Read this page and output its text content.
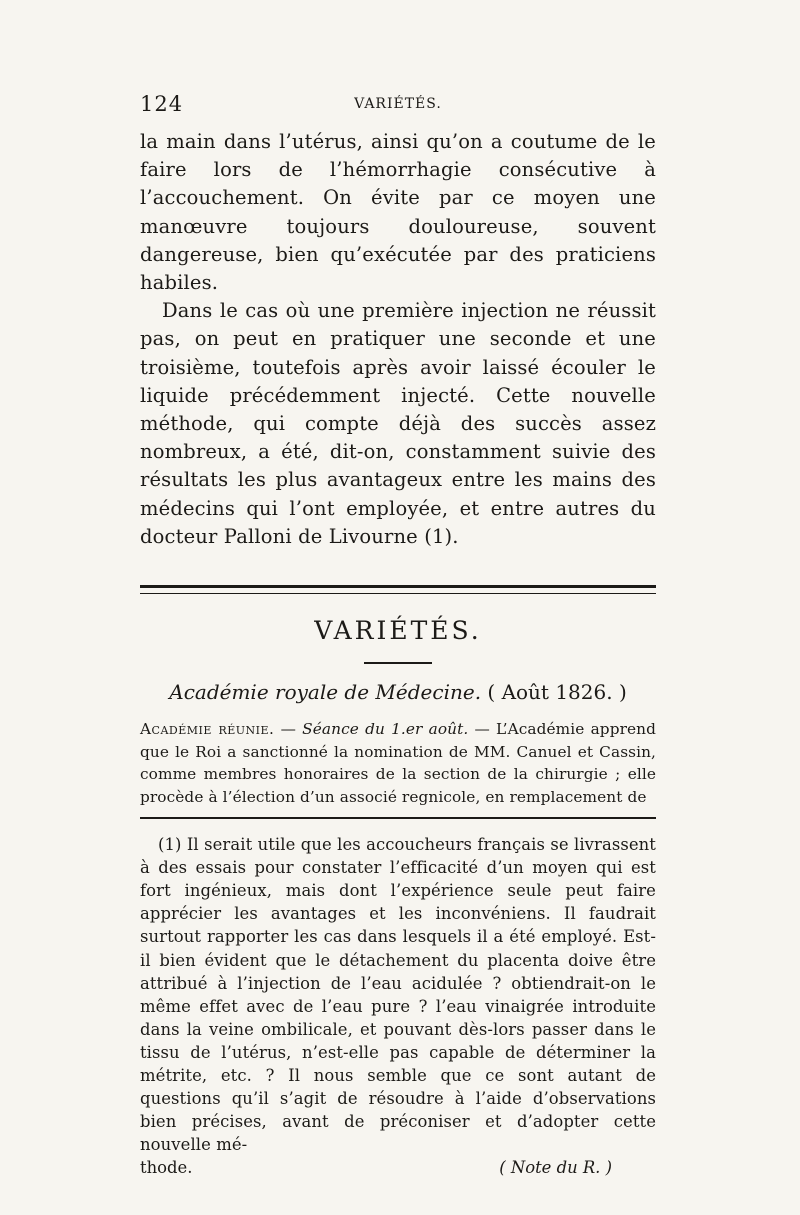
124	VARIÉTÉS.

la main dans l’utérus, ainsi qu’on a coutume de le faire lors de l’hémorrhagie consécutive à l’accouchement. On évite par ce moyen une manœuvre toujours douloureuse, souvent dangereuse, bien qu’exécutée par des praticiens habiles.

Dans le cas où une première injection ne réussit pas, on peut en pratiquer une seconde et une troisième, toutefois après avoir laissé écouler le liquide précédemment injecté. Cette nouvelle méthode, qui compte déjà des succès assez nombreux, a été, dit-on, constamment suivie des résultats les plus avantageux entre les mains des médecins qui l’ont employée, et entre autres du docteur Palloni de Livourne (1).

VARIÉTÉS.
Académie royale de Médecine. ( Août 1826. )

Académie réunie. — Séance du 1.er août. — L’Académie apprend que le Roi a sanctionné la nomination de MM. Canuel et Cassin, comme membres honoraires de la section de la chirurgie ; elle procède à l’élection d’un associé regnicole, en remplacement de

(1) Il serait utile que les accoucheurs français se livrassent à des essais pour constater l’efficacité d’un moyen qui est fort ingénieux, mais dont l’expérience seule peut faire apprécier les avantages et les inconvéniens. Il faudrait surtout rapporter les cas dans lesquels il a été employé. Est-il bien évident que le détachement du placenta doive être attribué à l’injection de l’eau acidulée ? obtiendrait-on le même effet avec de l’eau pure ? l’eau vinaigrée introduite dans la veine ombilicale, et pouvant dès-lors passer dans le tissu de l’utérus, n’est-elle pas capable de déterminer la métrite, etc. ? Il nous semble que ce sont autant de questions qu’il s’agit de résoudre à l’aide d’observations bien précises, avant de préconiser et d’adopter cette nouvelle mé-

thode.	( Note du R. )
